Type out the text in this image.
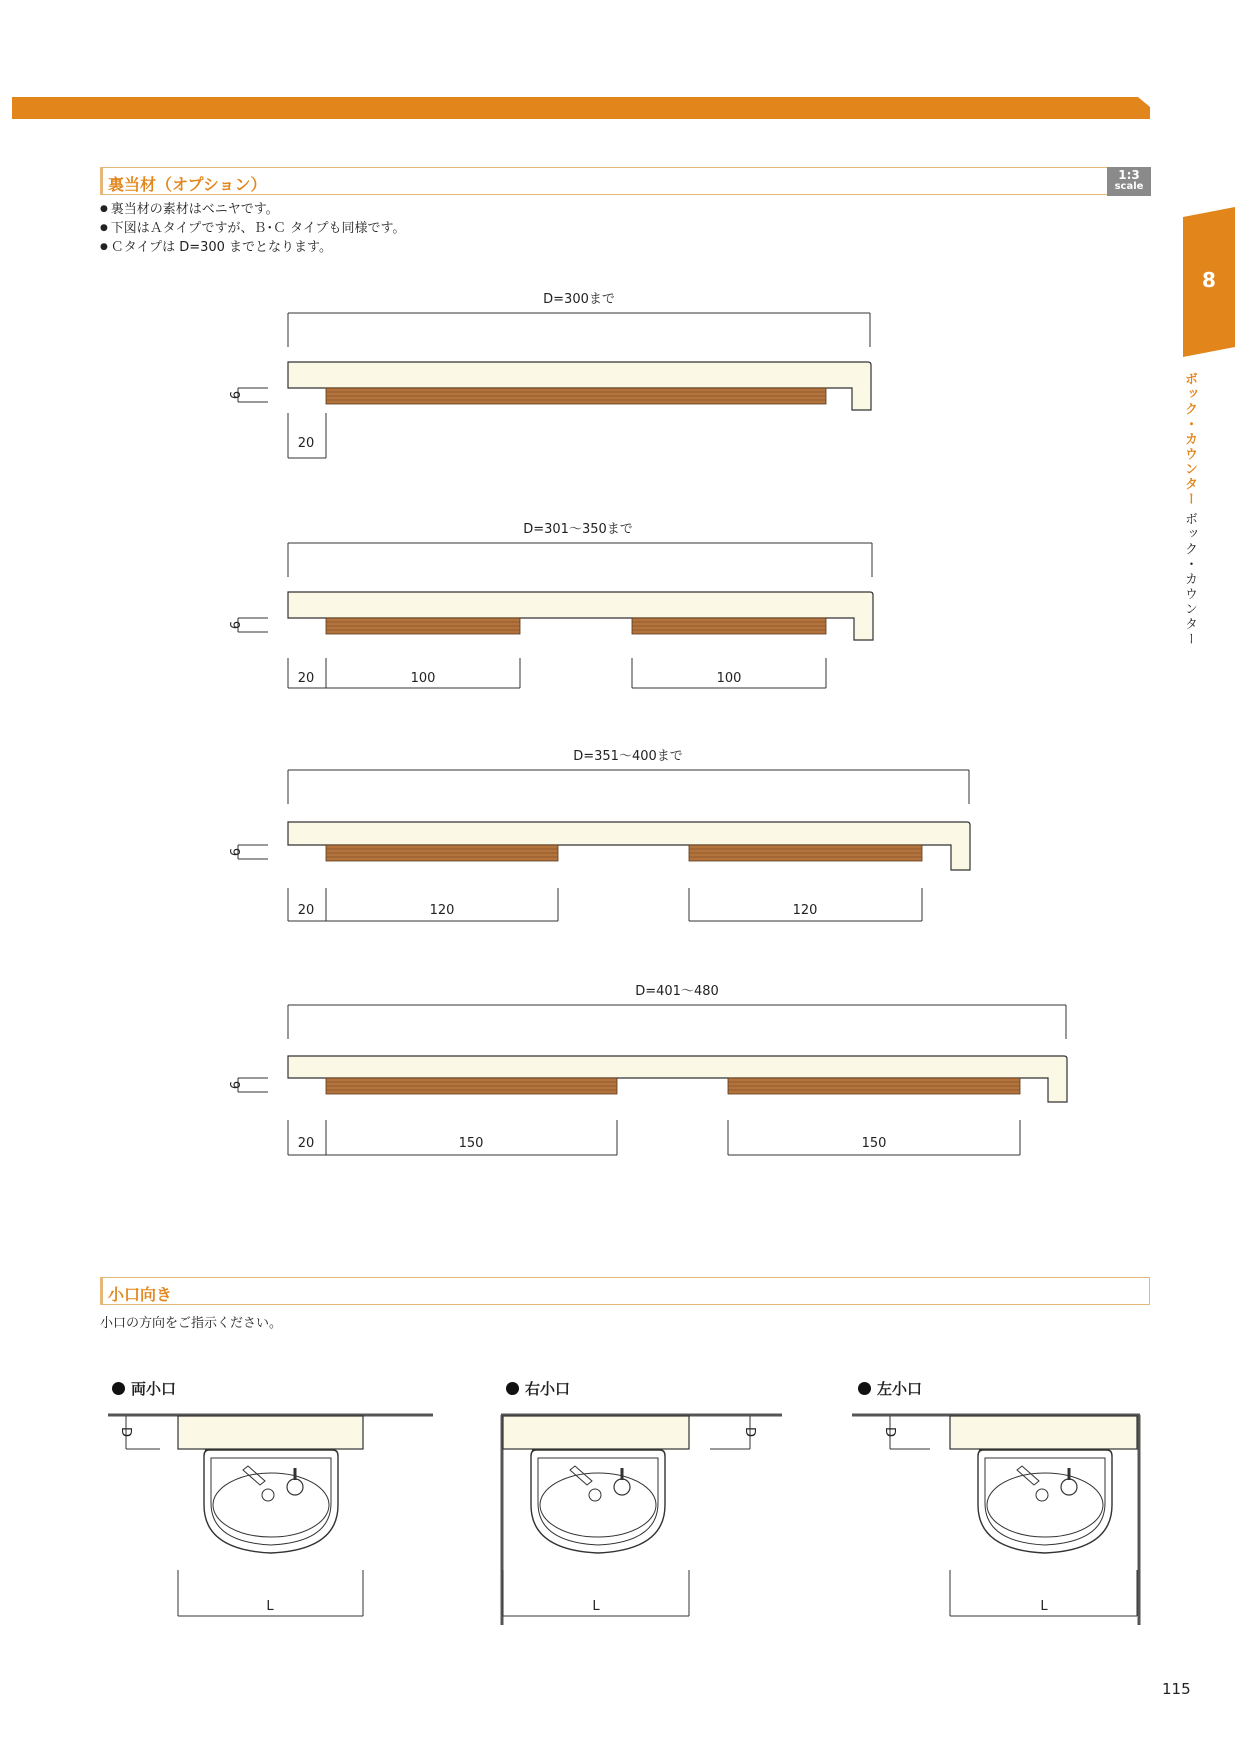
8
ボック・カウンター
ボック・カウンター
裏当材（オプション）	1:3
scale
● 裏当材の素材はベニヤです。
● 下図はＡタイプですが、Ｂ･Ｃ タイプも同様です。
● Ｃタイプは D=300 までとなります。
D=300まで
9
20
D=301～350まで
9
20	100	100
D=351～400まで
9
20	120	120
D=401～480
9
20	150	150
小口向き
小口の方向をご指示ください。
両小口	右小口	左小口
D
L
D
L
D
L
115
